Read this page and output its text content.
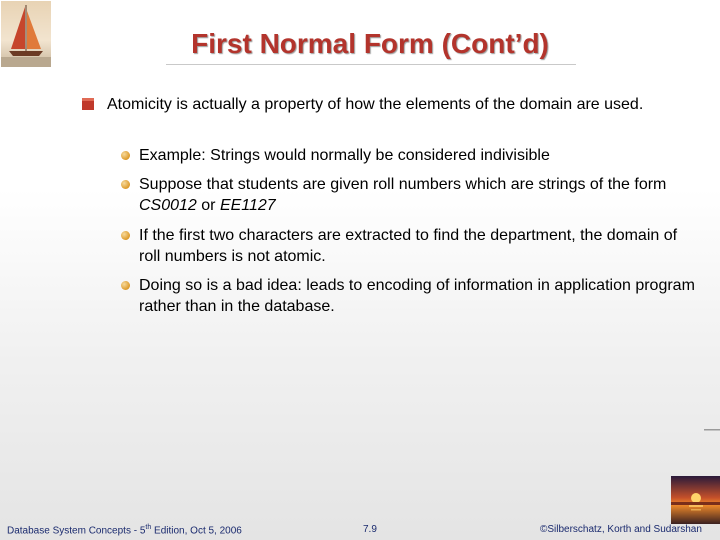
First Normal Form (Cont’d)
Atomicity is actually a property of how the elements of the domain are used.
Example: Strings would normally be considered indivisible
Suppose that students are given roll numbers which are strings of the form CS0012 or EE1127
If the first two characters are extracted to find the department, the domain of roll numbers is not atomic.
Doing so is a bad idea: leads to encoding of information in application program rather than in the database.
Database System Concepts - 5th Edition, Oct 5, 2006	7.9	©Silberschatz, Korth and Sudarshan
